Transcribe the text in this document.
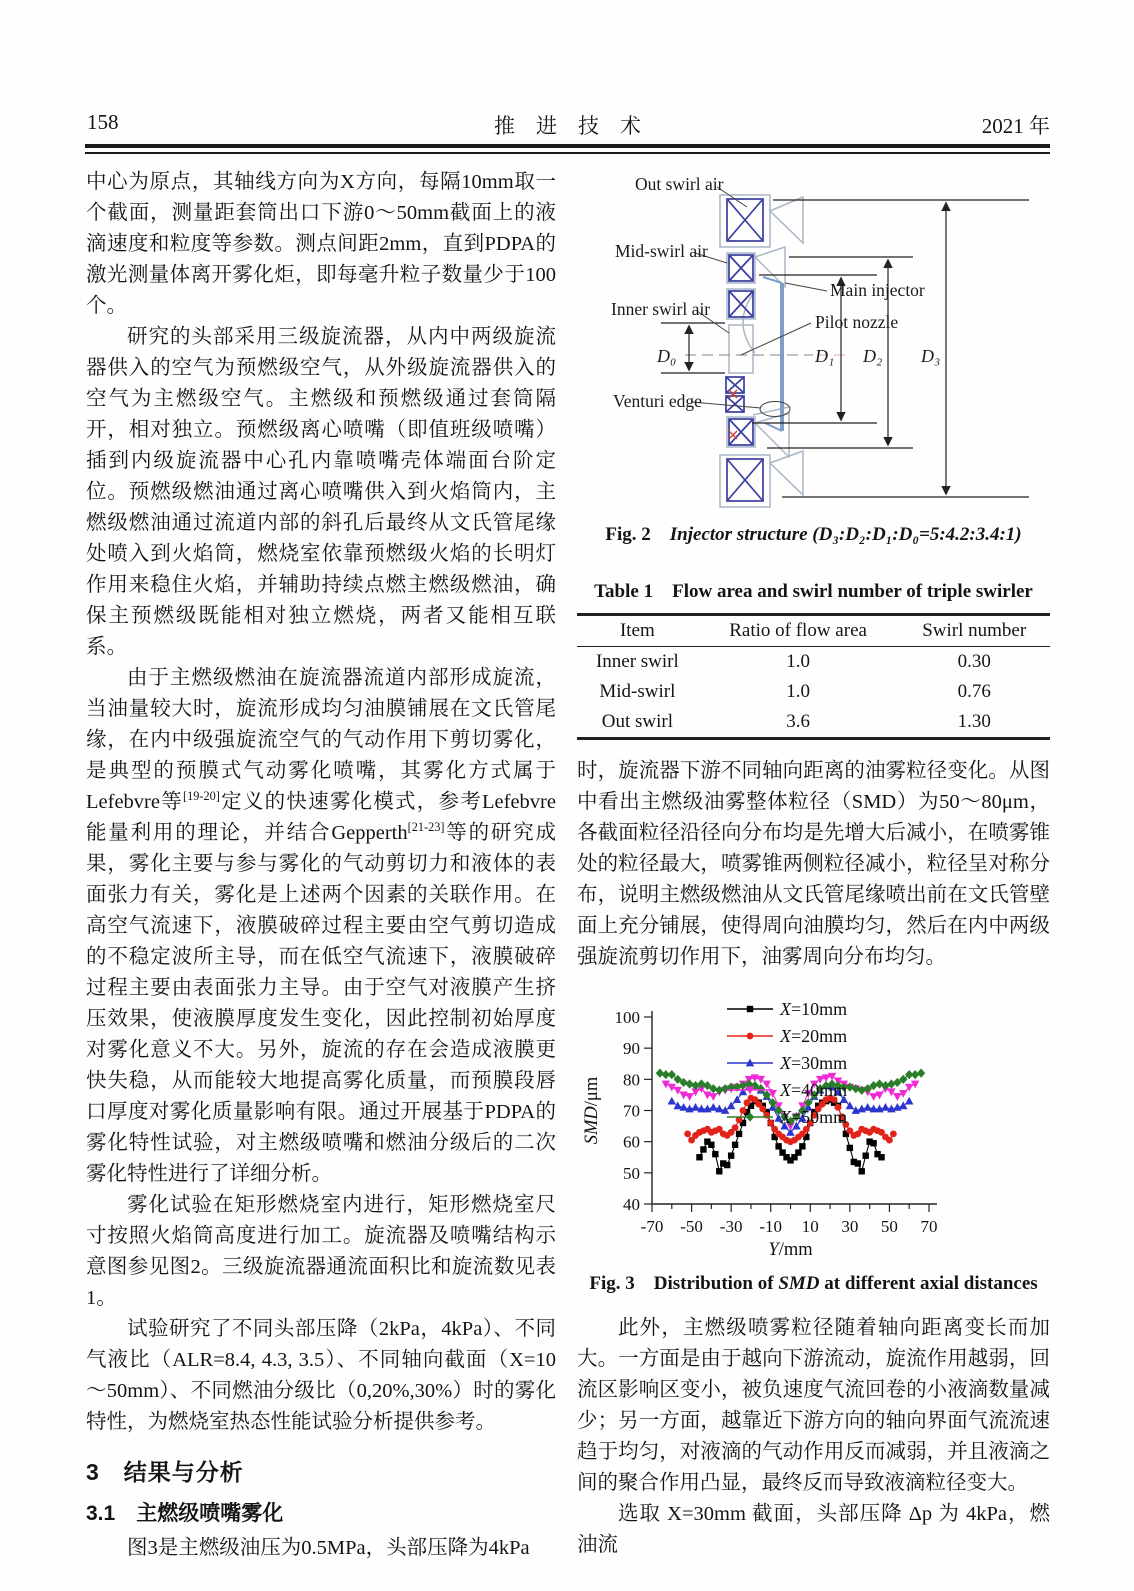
158	推　进　技　术	2021 年

中心为原点，其轴线方向为X方向，每隔10mm取一个截面，测量距套筒出口下游0～50mm截面上的液滴速度和粒度等参数。测点间距2mm，直到PDPA的激光测量体离开雾化炬，即每毫升粒子数量少于100个。

研究的头部采用三级旋流器，从内中两级旋流器供入的空气为预燃级空气，从外级旋流器供入的空气为主燃级空气。主燃级和预燃级通过套筒隔开，相对独立。预燃级离心喷嘴（即值班级喷嘴）插到内级旋流器中心孔内靠喷嘴壳体端面台阶定位。预燃级燃油通过离心喷嘴供入到火焰筒内，主燃级燃油通过流道内部的斜孔后最终从文氏管尾缘处喷入到火焰筒，燃烧室依靠预燃级火焰的长明灯作用来稳住火焰，并辅助持续点燃主燃级燃油，确保主预燃级既能相对独立燃烧，两者又能相互联系。

由于主燃级燃油在旋流器流道内部形成旋流，当油量较大时，旋流形成均匀油膜铺展在文氏管尾缘，在内中级强旋流空气的气动作用下剪切雾化，是典型的预膜式气动雾化喷嘴，其雾化方式属于Lefebvre等[19-20]定义的快速雾化模式，参考Lefebvre能量利用的理论，并结合Gepperth[21-23]等的研究成果，雾化主要与参与雾化的气动剪切力和液体的表面张力有关，雾化是上述两个因素的关联作用。在高空气流速下，液膜破碎过程主要由空气剪切造成的不稳定波所主导，而在低空气流速下，液膜破碎过程主要由表面张力主导。由于空气对液膜产生挤压效果，使液膜厚度发生变化，因此控制初始厚度对雾化意义不大。另外，旋流的存在会造成液膜更快失稳，从而能较大地提高雾化质量，而预膜段唇口厚度对雾化质量影响有限。通过开展基于PDPA的雾化特性试验，对主燃级喷嘴和燃油分级后的二次雾化特性进行了详细分析。

雾化试验在矩形燃烧室内进行，矩形燃烧室尺寸按照火焰筒高度进行加工。旋流器及喷嘴结构示意图参见图2。三级旋流器通流面积比和旋流数见表1。

试验研究了不同头部压降（2kPa，4kPa）、不同气液比（ALR=8.4, 4.3, 3.5）、不同轴向截面（X=10～50mm）、不同燃油分级比（0,20%,30%）时的雾化特性，为燃烧室热态性能试验分析提供参考。

3　结果与分析
3.1　主燃级喷嘴雾化

图3是主燃级油压为0.5MPa，头部压降为4kPa

Out swirl air
Mid-swirl air
Inner swirl air
Main injector
Pilot nozzle
Venturi edge
D₀	D₁ D₂ D₃
Fig. 2　 Injector structure (D₃:D₂:D₁:D₀=5:4.2:3.4:1)
Table 1　Flow area and swirl number of triple swirler
Item	Ratio of flow area	Swirl number
Inner swirl	1.0	0.30
Mid-swirl	1.0	0.76
Out swirl	3.6	1.30

时，旋流器下游不同轴向距离的油雾粒径变化。从图中看出主燃级油雾整体粒径（SMD）为50～80μm，各截面粒径沿径向分布均是先增大后减小，在喷雾锥处的粒径最大，喷雾锥两侧粒径减小，粒径呈对称分布，说明主燃级燃油从文氏管尾缘喷出前在文氏管壁面上充分铺展，使得周向油膜均匀，然后在内中两级强旋流剪切作用下，油雾周向分布均匀。

40
50
60
70
80
90
100
-70 -50 -30 -10 10 30 50 70
Y/mm
SMD/μm
X=10mm
X=20mm
X=30mm
X=40mm
X=50mm
Fig. 3　 Distribution of SMD at different axial distances

此外，主燃级喷雾粒径随着轴向距离变长而加大。一方面是由于越向下游流动，旋流作用越弱，回流区影响区变小，被负速度气流回卷的小液滴数量减少；另一方面，越靠近下游方向的轴向界面气流流速趋于均匀，对液滴的气动作用反而减弱，并且液滴之间的聚合作用凸显，最终反而导致液滴粒径变大。

选取 X=30mm 截面，头部压降 Δp 为 4kPa，燃油流
